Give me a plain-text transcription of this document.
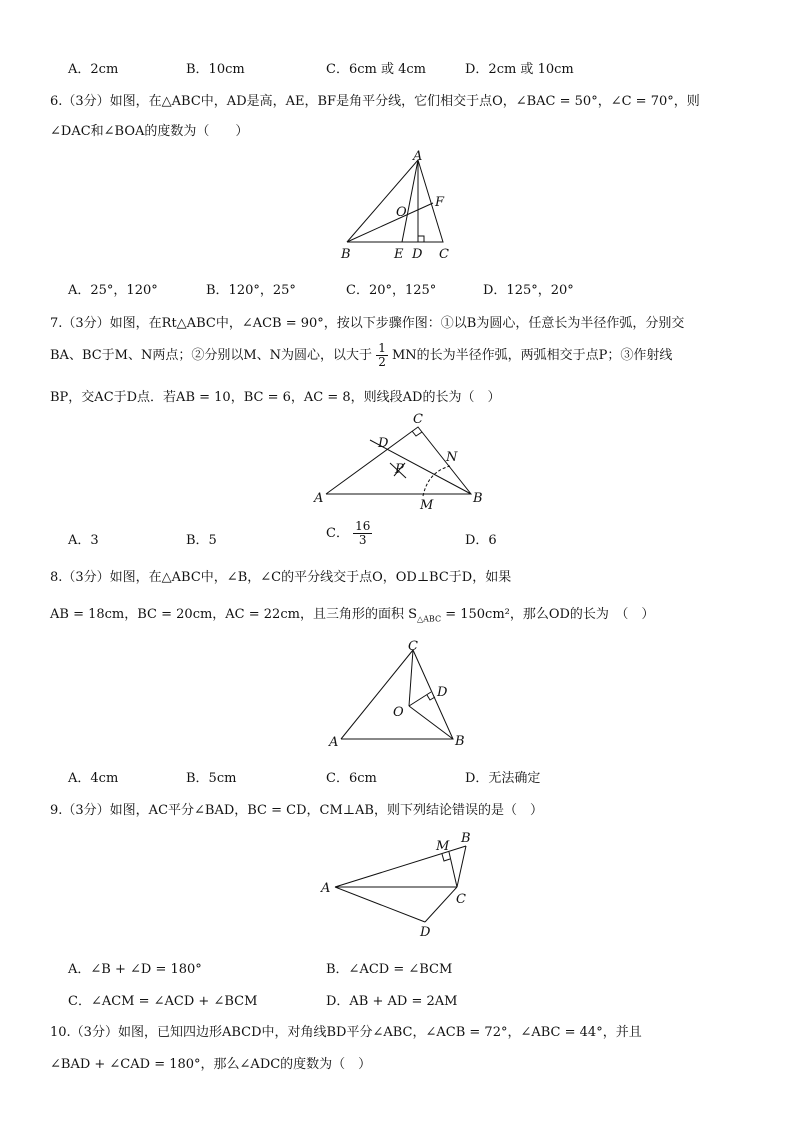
A．2cm	B．10cm	C．6cm 或 4cm	D．2cm 或 10cm
6.（3分）如图，在△ABC中，AD是高，AE，BF是角平分线，它们相交于点O，∠BAC = 50°，∠C = 70°，则
∠DAC和∠BOA的度数为（　　）
A
B	C
D
E
F
O
A．25°，120°	B．120°，25°	C．20°，125°	D．125°，20°
7.（3分）如图，在Rt△ABC中，∠ACB = 90°，按以下步骤作图：①以B为圆心，任意长为半径作弧，分别交
BA、BC于M、N两点；②分别以M、N为圆心，以大于 $\frac{1}{2}$ MN的长为半径作弧，两弧相交于点P；③作射线
BP，交AC于D点．若AB = 10，BC = 6，AC = 8，则线段AD的长为（　）
A	B
C
D
M
N
P
A．3	B．5	C． $\frac{16}{3}$	D．6
8.（3分）如图，在△ABC中，∠B，∠C的平分线交于点O，OD⊥BC于D，如果
AB = 18cm，BC = 20cm，AC = 22cm，且三角形的面积 $S_{\triangle ABC} = 150cm^2$，那么OD的长为　（　）
A	B
C
D
O
A．4cm	B．5cm	C．6cm	D．无法确定
9.（3分）如图，AC平分∠BAD，BC = CD，CM⊥AB，则下列结论错误的是（　）
A
B
C
D
M
A．∠B + ∠D = 180°	B．∠ACD = ∠BCM
C．∠ACM = ∠ACD + ∠BCM	D．AB + AD = 2AM
10.（3分）如图，已知四边形ABCD中，对角线BD平分∠ABC，∠ACB = 72°，∠ABC = 44°，并且
∠BAD + ∠CAD = 180°，那么∠ADC的度数为（　）
